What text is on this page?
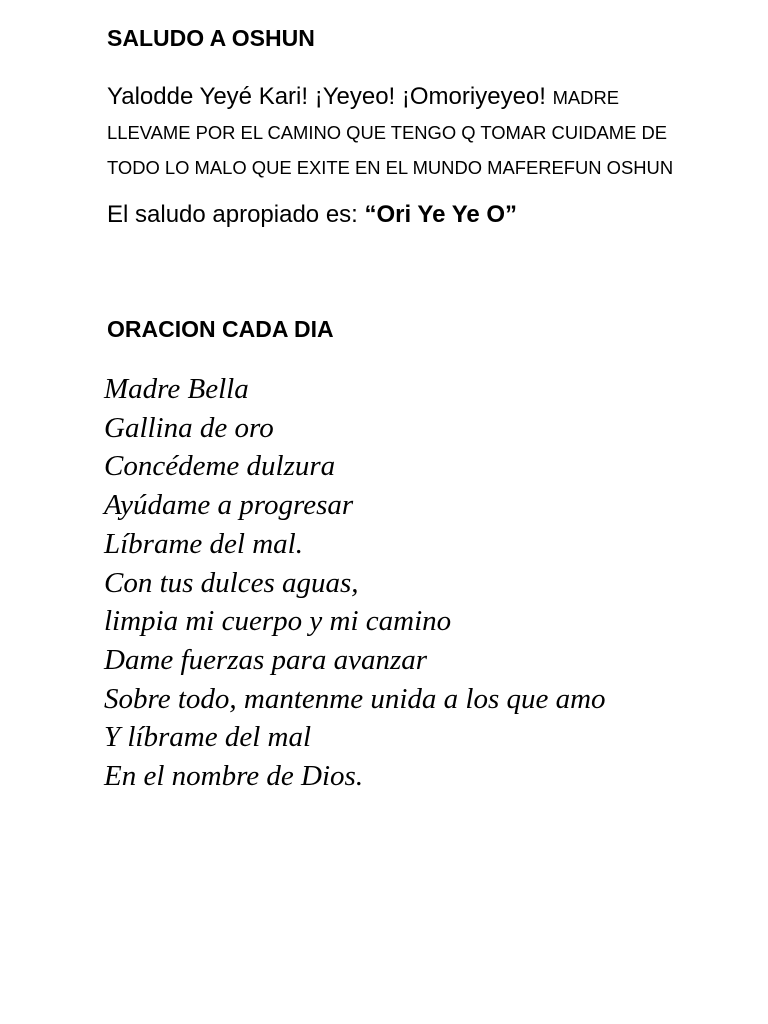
SALUDO A OSHUN

Yalodde Yeyé Kari! ¡Yeyeo! ¡Omoriyeyeo! MADRE LLEVAME POR EL CAMINO QUE TENGO Q TOMAR CUIDAME DE TODO LO MALO QUE EXITE EN EL MUNDO MAFEREFUN OSHUN

El saludo apropiado es: “Ori Ye Ye O”

ORACION CADA DIA
Madre Bella
Gallina de oro
Concédeme dulzura
Ayúdame a progresar
Líbrame del mal.
Con tus dulces aguas,
limpia mi cuerpo y mi camino
Dame fuerzas para avanzar
Sobre todo, mantenme unida a los que amo
Y líbrame del mal
En el nombre de Dios.
